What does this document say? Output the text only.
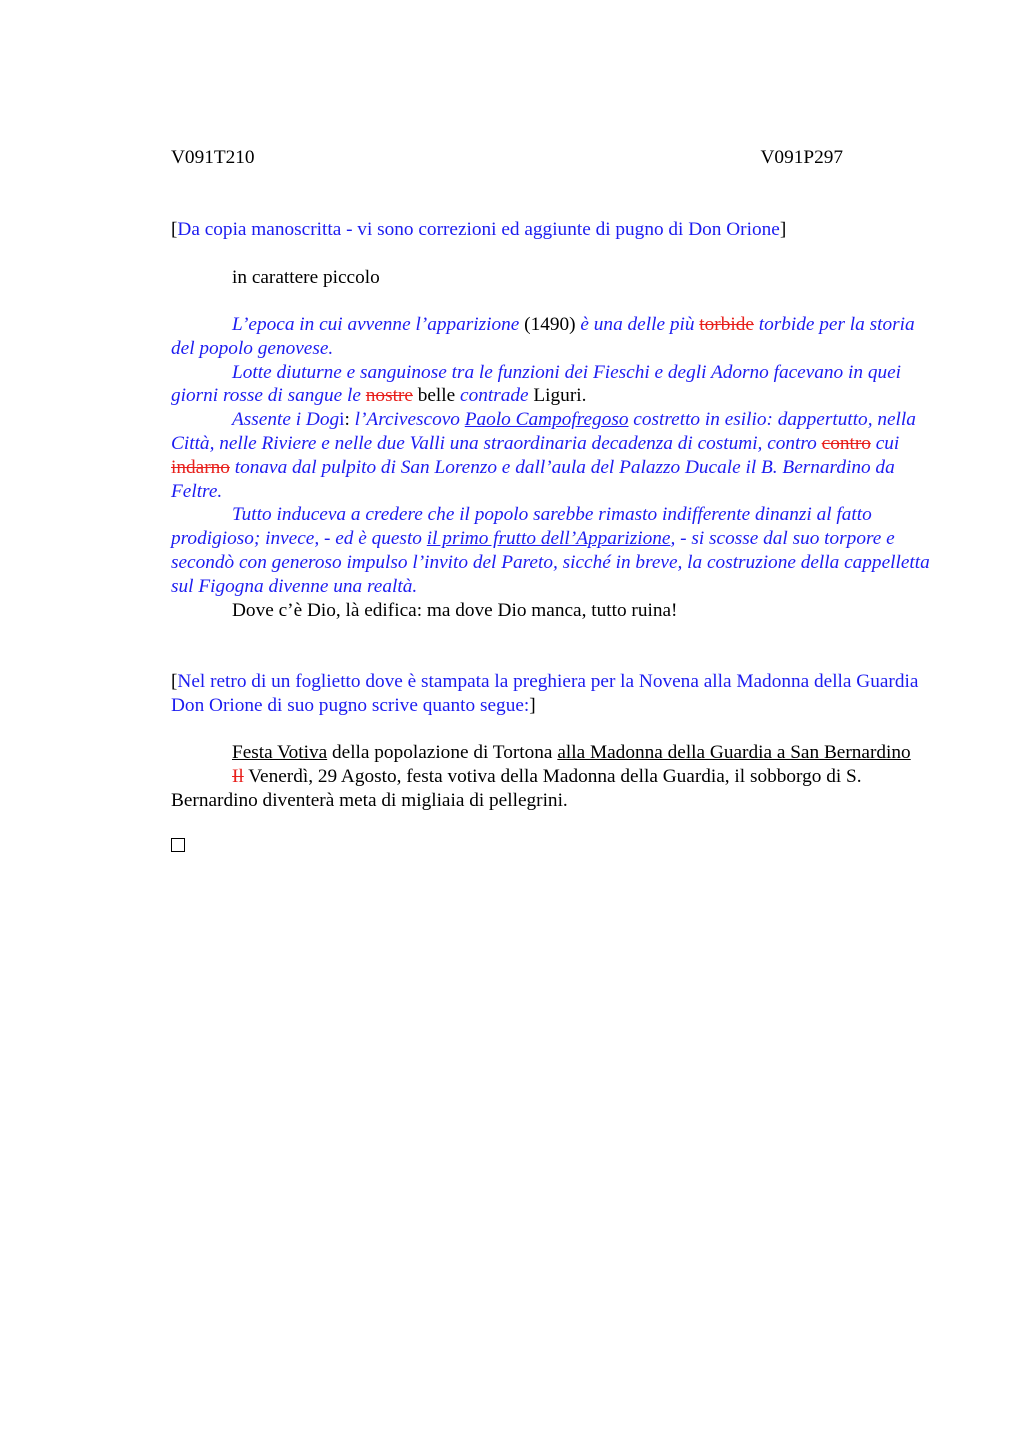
V091T210	V091P297

[Da copia manoscritta - vi sono correzioni ed aggiunte di pugno di Don Orione]

in carattere piccolo

L’epoca in cui avvenne l’apparizione (1490) è una delle più torbide torbide per la storia del popolo genovese.

Lotte diuturne e sanguinose tra le funzioni dei Fieschi e degli Adorno facevano in quei giorni rosse di sangue le nostre belle contrade Liguri.

Assente i Dogi: l’Arcivescovo Paolo Campofregoso costretto in esilio: dappertutto, nella Città, nelle Riviere e nelle due Valli una straordinaria decadenza di costumi, contro contro cui indarno tonava dal pulpito di San Lorenzo e dall’aula del Palazzo Ducale il B. Bernardino da Feltre.

Tutto induceva a credere che il popolo sarebbe rimasto indifferente dinanzi al fatto prodigioso; invece, - ed è questo il primo frutto dell’Apparizione, - si scosse dal suo torpore e secondò con generoso impulso l’invito del Pareto, sicché in breve, la costruzione della cappelletta sul Figogna divenne una realtà.

Dove c’è Dio, là edifica: ma dove Dio manca, tutto ruina!

[Nel retro di un foglietto dove è stampata la preghiera per la Novena alla Madonna della Guardia Don Orione di suo pugno scrive quanto segue:]

Festa Votiva della popolazione di Tortona alla Madonna della Guardia a San Bernardino

Il Venerdì, 29 Agosto, festa votiva della Madonna della Guardia, il sobborgo di S. Bernardino diventerà meta di migliaia di pellegrini.
